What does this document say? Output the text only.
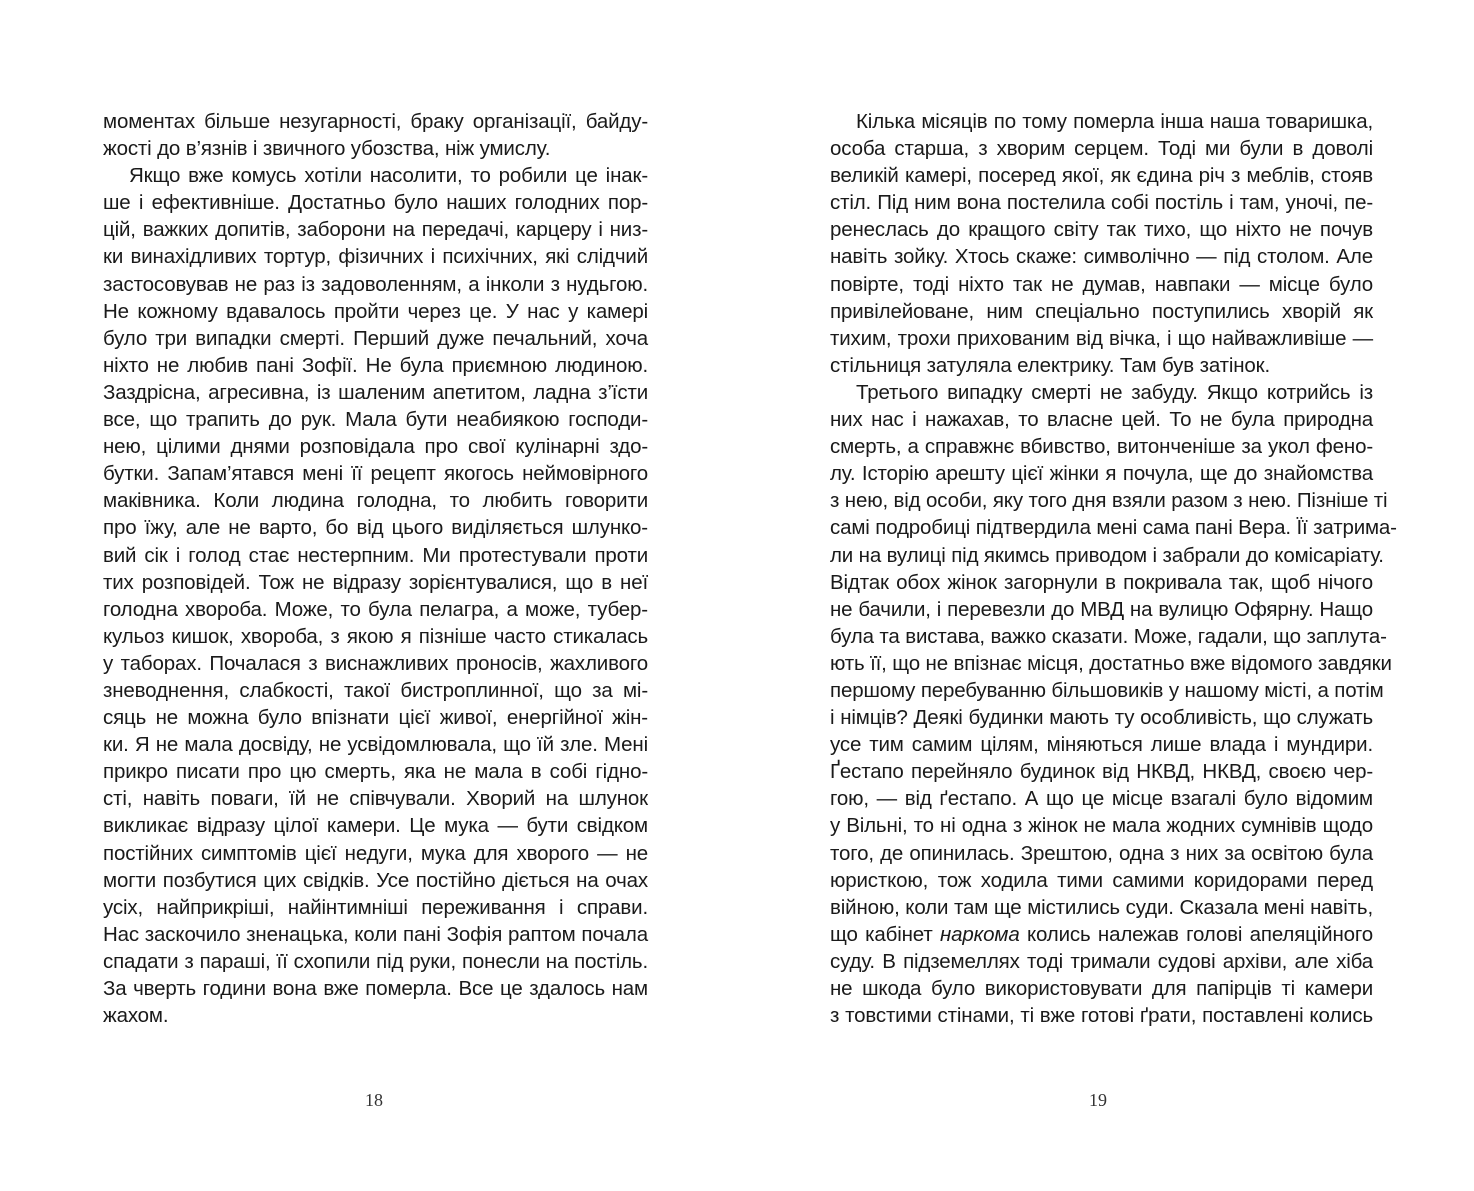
моментах більше незугарності, браку організації, байду-
жості до в’язнів і звичного убозства, ніж умислу.
Якщо вже комусь хотіли насолити, то робили це інак-
ше і ефективніше. Достатньо було наших голодних пор-
цій, важких допитів, заборони на передачі, карцеру і низ-
ки винахідливих тортур, фізичних і психічних, які слідчий
застосовував не раз із задоволенням, а інколи з нудьгою.
Не кожному вдавалось пройти через це. У нас у камері
було три випадки смерті. Перший дуже печальний, хоча
ніхто не любив пані Зофії. Не була приємною людиною.
Заздрісна, агресивна, із шаленим апетитом, ладна з’їсти
все, що трапить до рук. Мала бути неабиякою господи-
нею, цілими днями розповідала про свої кулінарні здо-
бутки. Запам’ятався мені її рецепт якогось неймовірного
маківника. Коли людина голодна, то любить говорити
про їжу, але не варто, бо від цього виділяється шлунко-
вий сік і голод стає нестерпним. Ми протестували проти
тих розповідей. Тож не відразу зорієнтувалися, що в неї
голодна хвороба. Може, то була пелагра, а може, тубер-
кульоз кишок, хвороба, з якою я пізніше часто стикалась
у таборах. Почалася з виснажливих проносів, жахливого
зневоднення, слабкості, такої бистроплинної, що за мі-
сяць не можна було впізнати цієї живої, енергійної жін-
ки. Я не мала досвіду, не усвідомлювала, що їй зле. Мені
прикро писати про цю смерть, яка не мала в собі гідно-
сті, навіть поваги, їй не співчували. Хворий на шлунок
викликає відразу цілої камери. Це мука — бути свідком
постійних симптомів цієї недуги, мука для хворого — не
могти позбутися цих свідків. Усе постійно діється на очах
усіх, найприкріші, найінтимніші переживання і справи.
Нас заскочило зненацька, коли пані Зофія раптом почала
спадати з параші, її схопили під руки, понесли на постіль.
За чверть години вона вже померла. Все це здалось нам
жахом.
Кілька місяців по тому померла інша наша товаришка,
особа старша, з хворим серцем. Тоді ми були в доволі
великій камері, посеред якої, як єдина річ з меблів, стояв
стіл. Під ним вона постелила собі постіль і там, уночі, пе-
ренеслась до кращого світу так тихо, що ніхто не почув
навіть зойку. Хтось скаже: символічно — під столом. Але
повірте, тоді ніхто так не думав, навпаки — місце було
привілейоване, ним спеціально поступились хворій як
тихим, трохи прихованим від вічка, і що найважливіше —
стільниця затуляла електрику. Там був затінок.
Третього випадку смерті не забуду. Якщо котрийсь із
них нас і нажахав, то власне цей. То не була природна
смерть, а справжнє вбивство, витонченіше за укол фено-
лу. Історію арешту цієї жінки я почула, ще до знайомства
з нею, від особи, яку того дня взяли разом з нею. Пізніше ті
самі подробиці підтвердила мені сама пані Вера. Її затрима-
ли на вулиці під якимсь приводом і забрали до комісаріату.
Відтак обох жінок загорнули в покривала так, щоб нічого
не бачили, і перевезли до МВД на вулицю Офярну. Нащо
була та вистава, важко сказати. Може, гадали, що заплута-
ють її, що не впізнає місця, достатньо вже відомого завдяки
першому перебуванню більшовиків у нашому місті, а потім
і німців? Деякі будинки мають ту особливість, що служать
усе тим самим цілям, міняються лише влада і мундири.
Ґестапо перейняло будинок від НКВД, НКВД, своєю чер-
гою, — від ґестапо. А що це місце взагалі було відомим
у Вільні, то ні одна з жінок не мала жодних сумнівів щодо
того, де опинилась. Зрештою, одна з них за освітою була
юристкою, тож ходила тими самими коридорами перед
війною, коли там ще містились суди. Сказала мені навіть,
що кабінет наркома колись належав голові апеляційного
суду. В підземеллях тоді тримали судові архіви, але хіба
не шкода було використовувати для папірців ті камери
з товстими стінами, ті вже готові ґрати, поставлені колись
18	19
